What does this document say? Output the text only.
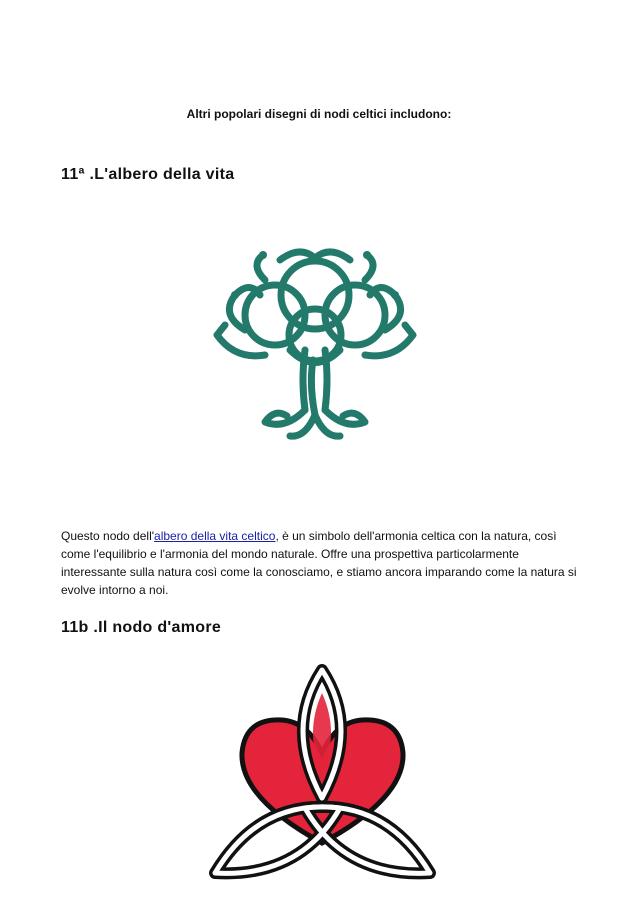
Altri popolari disegni di nodi celtici includono:
11ª .L'albero della vita

Questo nodo dell'albero della vita celtico, è un simbolo dell'armonia celtica con la natura, così come l'equilibrio e l'armonia del mondo naturale. Offre una prospettiva particolarmente interessante sulla natura così come la conosciamo, e stiamo ancora imparando come la natura si evolve intorno a noi.

11b .Il nodo d'amore
